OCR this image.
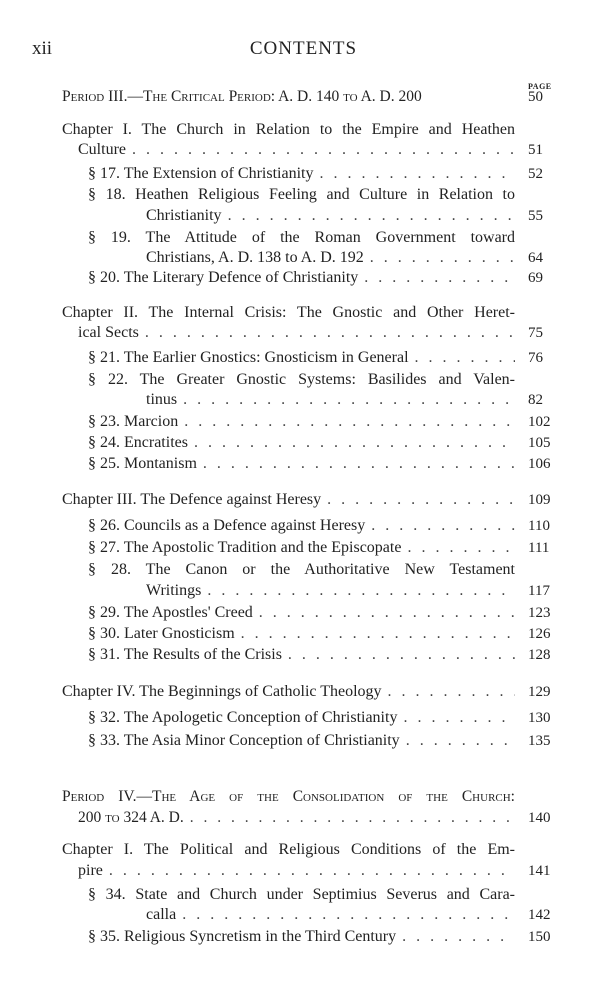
xii	CONTENTS
PAGE
Period III.—The Critical Period: A. D. 140 to A. D. 200	50
Chapter I. The Church in Relation to the Empire and Heathen
Culture . . .	51
§ 17. The Extension of Christianity . . .	52
§ 18. Heathen Religious Feeling and Culture in Relation to
Christianity . . .	55
§ 19. The Attitude of the Roman Government toward
Christians, A. D. 138 to A. D. 192 . . .	64
§ 20. The Literary Defence of Christianity . . .	69
Chapter II. The Internal Crisis: The Gnostic and Other Heret-
ical Sects . . .	75
§ 21. The Earlier Gnostics: Gnosticism in General . . .	76
§ 22. The Greater Gnostic Systems: Basilides and Valen-
tinus . . .	82
§ 23. Marcion . . .	102
§ 24. Encratites . . .	105
§ 25. Montanism . . .	106
Chapter III. The Defence against Heresy . . .	109
§ 26. Councils as a Defence against Heresy . . .	110
§ 27. The Apostolic Tradition and the Episcopate . . .	111
§ 28. The Canon or the Authoritative New Testament
Writings . . .	117
§ 29. The Apostles' Creed . . .	123
§ 30. Later Gnosticism . . .	126
§ 31. The Results of the Crisis . . .	128
Chapter IV. The Beginnings of Catholic Theology . . .	129
§ 32. The Apologetic Conception of Christianity . . .	130
§ 33. The Asia Minor Conception of Christianity . . .	135
Period IV.—The Age of the Consolidation of the Church:
200 to 324 A. D. . . .	140
Chapter I. The Political and Religious Conditions of the Em-
pire . . .	141
§ 34. State and Church under Septimius Severus and Cara-
calla . . .	142
§ 35. Religious Syncretism in the Third Century . . .	150
